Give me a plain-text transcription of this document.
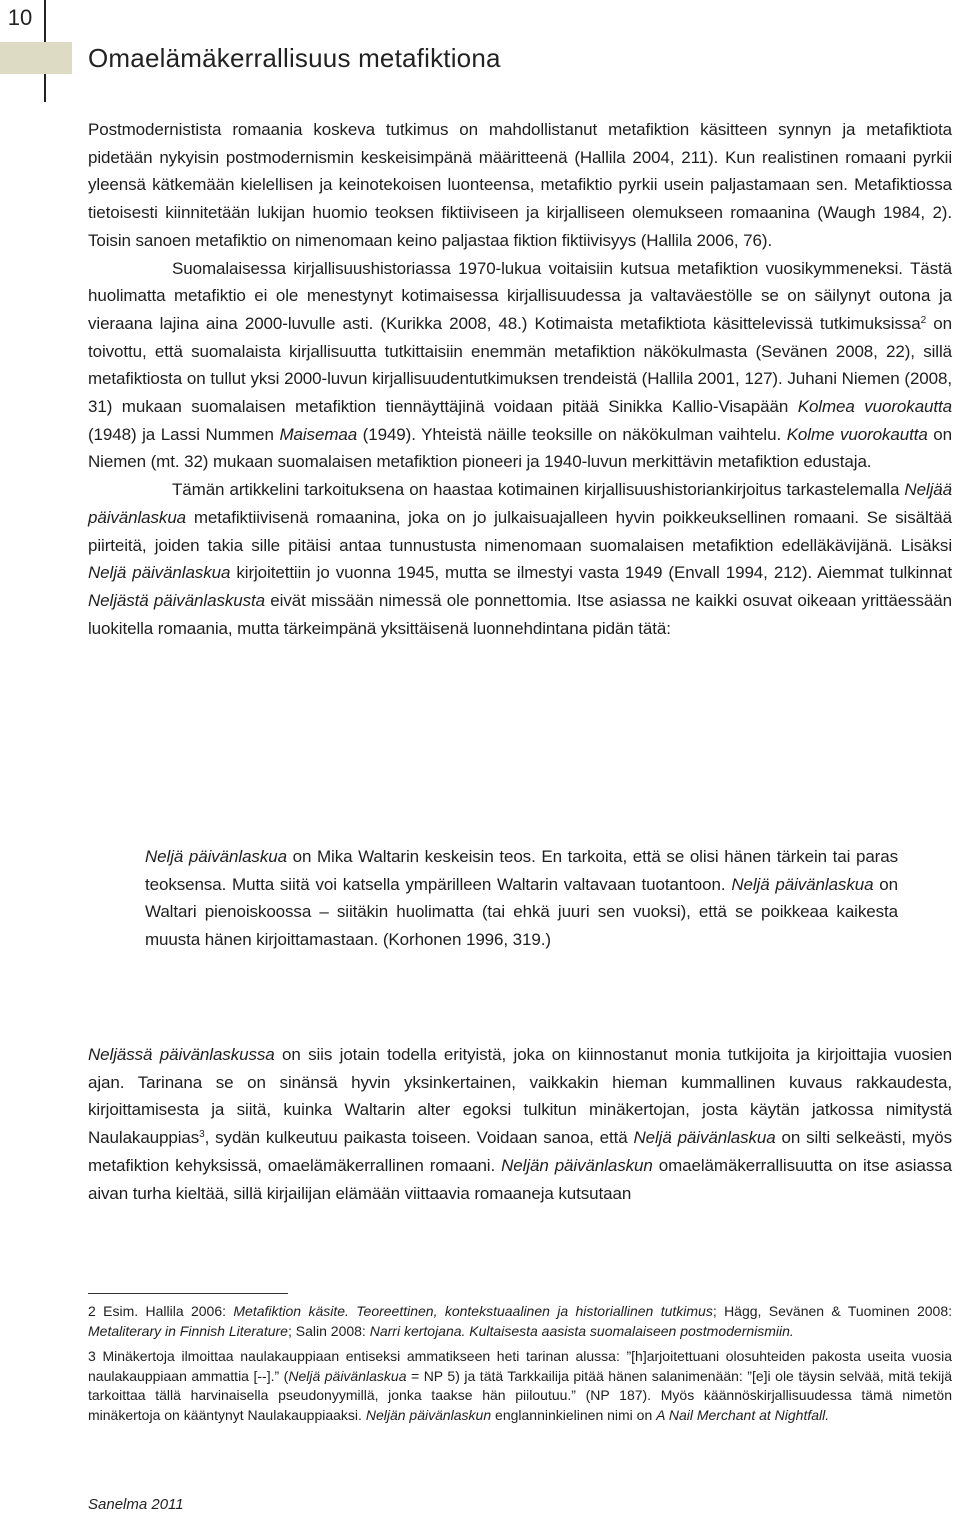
10
Omaelämäkerrallisuus metafiktiona

Postmodernistista romaania koskeva tutkimus on mahdollistanut metafiktion käsitteen synnyn ja metafiktiota pidetään nykyisin postmodernismin keskeisimpänä määritteenä (Hallila 2004, 211). Kun realistinen romaani pyrkii yleensä kätkemään kielellisen ja keinotekoisen luonteensa, metafiktio pyrkii usein paljastamaan sen. Metafiktiossa tietoisesti kiinnitetään lukijan huomio teoksen fiktiiviseen ja kirjalliseen olemukseen romaanina (Waugh 1984, 2). Toisin sanoen metafiktio on nimenomaan keino paljastaa fiktion fiktiivisyys (Hallila 2006, 76).

Suomalaisessa kirjallisuushistoriassa 1970-lukua voitaisiin kutsua metafiktion vuosikymmeneksi. Tästä huolimatta metafiktio ei ole menestynyt kotimaisessa kirjallisuudessa ja valtaväestölle se on säilynyt outona ja vieraana lajina aina 2000-luvulle asti. (Kurikka 2008, 48.) Kotimaista metafiktiota käsittelevissä tutkimuksissa$^2$ on toivottu, että suomalaista kirjallisuutta tutkittaisiin enemmän metafiktion näkökulmasta (Sevänen 2008, 22), sillä metafiktiosta on tullut yksi 2000-luvun kirjallisuudentutkimuksen trendeistä (Hallila 2001, 127). Juhani Niemen (2008, 31) mukaan suomalaisen metafiktion tiennäyttäjinä voidaan pitää Sinikka Kallio-Visapään Kolmea vuorokautta (1948) ja Lassi Nummen Maisemaa (1949). Yhteistä näille teoksille on näkökulman vaihtelu. Kolme vuorokautta on Niemen (mt. 32) mukaan suomalaisen metafiktion pioneeri ja 1940-luvun merkittävin metafiktion edustaja.

Tämän artikkelini tarkoituksena on haastaa kotimainen kirjallisuushistoriankirjoitus tarkastelemalla Neljää päivänlaskua metafiktiivisenä romaanina, joka on jo julkaisuajalleen hyvin poikkeuksellinen romaani. Se sisältää piirteitä, joiden takia sille pitäisi antaa tunnustusta nimenomaan suomalaisen metafiktion edelläkävijänä. Lisäksi Neljä päivänlaskua kirjoitettiin jo vuonna 1945, mutta se ilmestyi vasta 1949 (Envall 1994, 212). Aiemmat tulkinnat Neljästä päivänlaskusta eivät missään nimessä ole ponnettomia. Itse asiassa ne kaikki osuvat oikeaan yrittäessään luokitella romaania, mutta tärkeimpänä yksittäisenä luonnehdintana pidän tätä:

Neljä päivänlaskua on Mika Waltarin keskeisin teos. En tarkoita, että se olisi hänen tärkein tai paras teoksensa. Mutta siitä voi katsella ympärilleen Waltarin valtavaan tuotantoon. Neljä päivänlaskua on Waltari pienoiskoossa – siitäkin huolimatta (tai ehkä juuri sen vuoksi), että se poikkeaa kaikesta muusta hänen kirjoittamastaan. (Korhonen 1996, 319.)

Neljässä päivänlaskussa on siis jotain todella erityistä, joka on kiinnostanut monia tutkijoita ja kirjoittajia vuosien ajan. Tarinana se on sinänsä hyvin yksinkertainen, vaikkakin hieman kummallinen kuvaus rakkaudesta, kirjoittamisesta ja siitä, kuinka Waltarin alter egoksi tulkitun minäkertojan, josta käytän jatkossa nimitystä Naulakauppias$^3$, sydän kulkeutuu paikasta toiseen. Voidaan sanoa, että Neljä päivänlaskua on silti selkeästi, myös metafiktion kehyksissä, omaelämäkerrallinen romaani. Neljän päivänlaskun omaelämäkerrallisuutta on itse asiassa aivan turha kieltää, sillä kirjailijan elämään viittaavia romaaneja kutsutaan

2 Esim. Hallila 2006: Metafiktion käsite. Teoreettinen, kontekstuaalinen ja historiallinen tutkimus; Hägg, Sevänen & Tuominen 2008: Metaliterary in Finnish Literature; Salin 2008: Narri kertojana. Kultaisesta aasista suomalaiseen postmodernismiin.

3 Minäkertoja ilmoittaa naulakauppiaan entiseksi ammatikseen heti tarinan alussa: ”[h]arjoitettuani olosuhteiden pakosta useita vuosia naulakauppiaan ammattia [--].” (Neljä päivänlaskua = NP 5) ja tätä Tarkkailija pitää hänen salanimenään: ”[e]i ole täysin selvää, mitä tekijä tarkoittaa tällä harvinaisella pseudonyymillä, jonka taakse hän piiloutuu.” (NP 187). Myös käännöskirjallisuudessa tämä nimetön minäkertoja on kääntynyt Naulakauppiaaksi. Neljän päivänlaskun englanninkielinen nimi on A Nail Merchant at Nightfall.

Sanelma 2011
